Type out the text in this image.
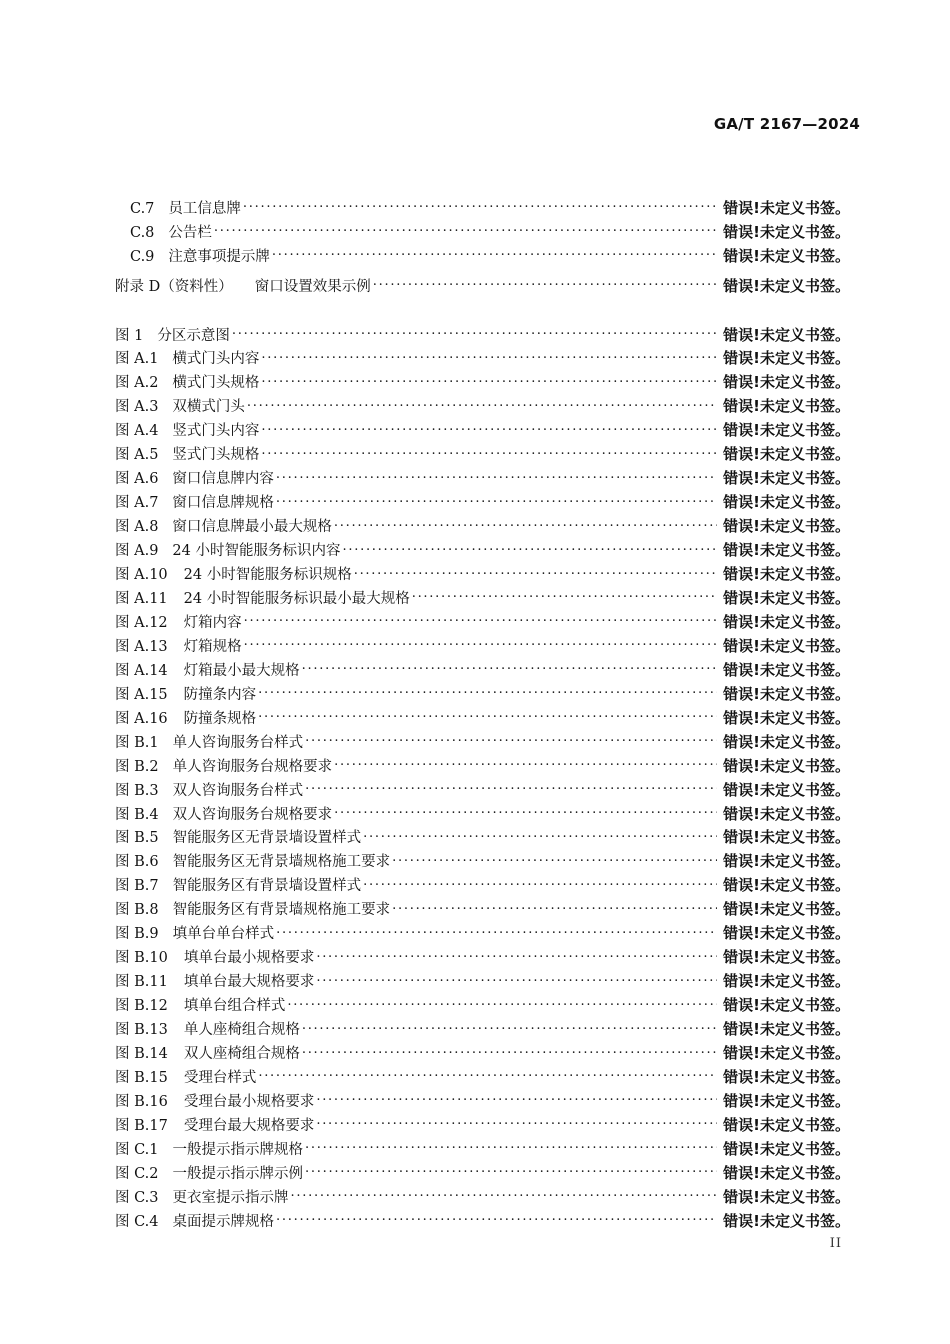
GA/T 2167—2024
C.7 员工信息牌 . . .	错误!未定义书签。
C.8 公告栏 . . .	错误!未定义书签。
C.9 注意事项提示牌 . . .	错误!未定义书签。
附录 D（资料性） 窗口设置效果示例 . . .	错误!未定义书签。
图 1 分区示意图 . . .	错误!未定义书签。
图 A.1 横式门头内容 . . .	错误!未定义书签。
图 A.2 横式门头规格 . . .	错误!未定义书签。
图 A.3 双横式门头 . . .	错误!未定义书签。
图 A.4 竖式门头内容 . . .	错误!未定义书签。
图 A.5 竖式门头规格 . . .	错误!未定义书签。
图 A.6 窗口信息牌内容 . . .	错误!未定义书签。
图 A.7 窗口信息牌规格 . . .	错误!未定义书签。
图 A.8 窗口信息牌最小最大规格 . . .	错误!未定义书签。
图 A.9 24 小时智能服务标识内容 . . .	错误!未定义书签。
图 A.10 24 小时智能服务标识规格 . . .	错误!未定义书签。
图 A.11 24 小时智能服务标识最小最大规格 . . .	错误!未定义书签。
图 A.12 灯箱内容 . . .	错误!未定义书签。
图 A.13 灯箱规格 . . .	错误!未定义书签。
图 A.14 灯箱最小最大规格 . . .	错误!未定义书签。
图 A.15 防撞条内容 . . .	错误!未定义书签。
图 A.16 防撞条规格 . . .	错误!未定义书签。
图 B.1 单人咨询服务台样式 . . .	错误!未定义书签。
图 B.2 单人咨询服务台规格要求 . . .	错误!未定义书签。
图 B.3 双人咨询服务台样式 . . .	错误!未定义书签。
图 B.4 双人咨询服务台规格要求 . . .	错误!未定义书签。
图 B.5 智能服务区无背景墙设置样式 . . .	错误!未定义书签。
图 B.6 智能服务区无背景墙规格施工要求 . . .	错误!未定义书签。
图 B.7 智能服务区有背景墙设置样式 . . .	错误!未定义书签。
图 B.8 智能服务区有背景墙规格施工要求 . . .	错误!未定义书签。
图 B.9 填单台单台样式 . . .	错误!未定义书签。
图 B.10 填单台最小规格要求 . . .	错误!未定义书签。
图 B.11 填单台最大规格要求 . . .	错误!未定义书签。
图 B.12 填单台组合样式 . . .	错误!未定义书签。
图 B.13 单人座椅组合规格 . . .	错误!未定义书签。
图 B.14 双人座椅组合规格 . . .	错误!未定义书签。
图 B.15 受理台样式 . . .	错误!未定义书签。
图 B.16 受理台最小规格要求 . . .	错误!未定义书签。
图 B.17 受理台最大规格要求 . . .	错误!未定义书签。
图 C.1 一般提示指示牌规格 . . .	错误!未定义书签。
图 C.2 一般提示指示牌示例 . . .	错误!未定义书签。
图 C.3 更衣室提示指示牌 . . .	错误!未定义书签。
图 C.4 桌面提示牌规格 . . .	错误!未定义书签。
II
